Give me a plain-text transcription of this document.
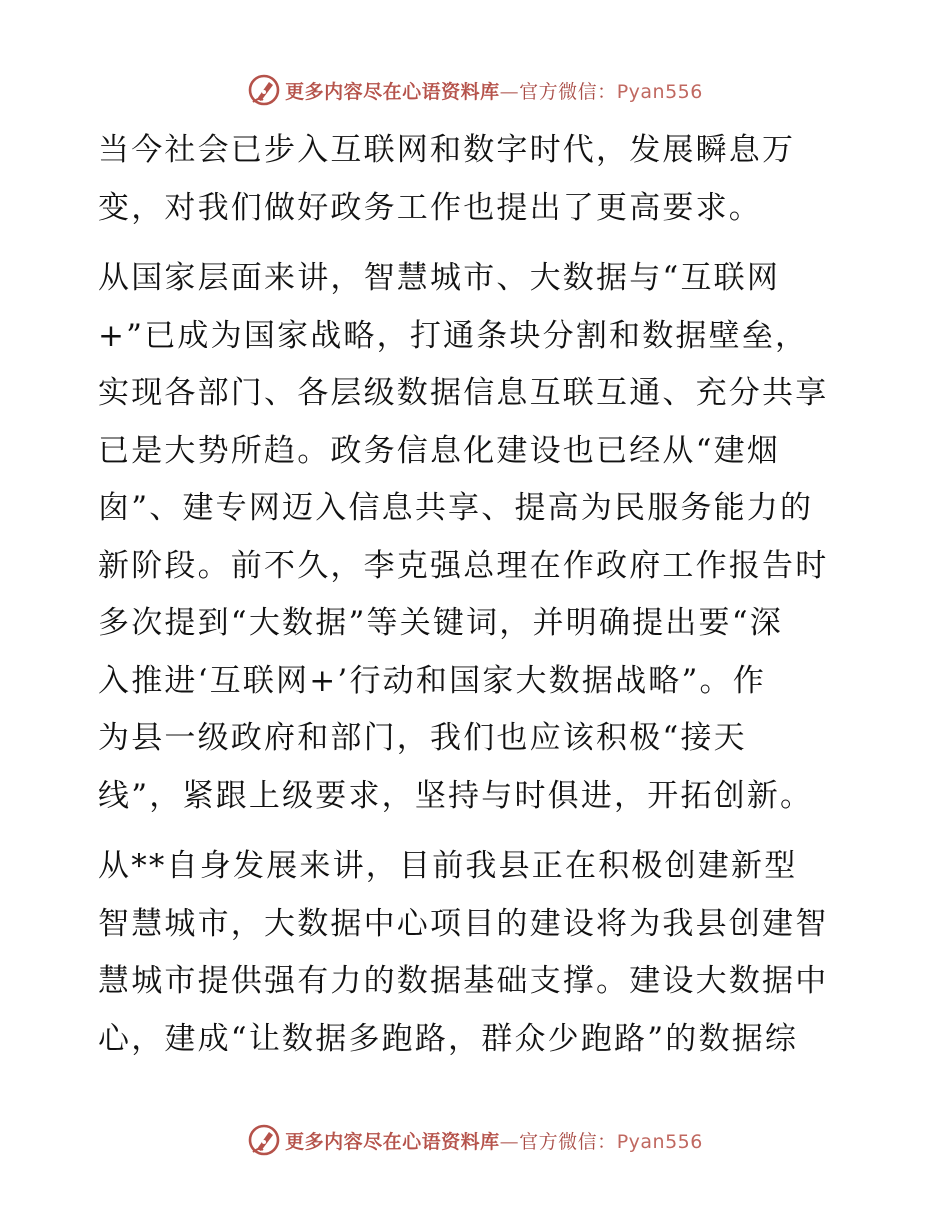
更多内容尽在心语资料库—官方微信：Pyan556

当今社会已步入互联网和数字时代，发展瞬息万
变，对我们做好政务工作也提出了更高要求。

从国家层面来讲，智慧城市、大数据与“互联网
+”已成为国家战略，打通条块分割和数据壁垒，
实现各部门、各层级数据信息互联互通、充分共享
已是大势所趋。政务信息化建设也已经从“建烟
囱”、建专网迈入信息共享、提高为民服务能力的
新阶段。前不久，李克强总理在作政府工作报告时
多次提到“大数据”等关键词，并明确提出要“深
入推进‘互联网+’行动和国家大数据战略”。作
为县一级政府和部门，我们也应该积极“接天
线”，紧跟上级要求，坚持与时俱进，开拓创新。

从**自身发展来讲，目前我县正在积极创建新型
智慧城市，大数据中心项目的建设将为我县创建智
慧城市提供强有力的数据基础支撑。建设大数据中
心，建成“让数据多跑路，群众少跑路”的数据综

更多内容尽在心语资料库—官方微信：Pyan556
